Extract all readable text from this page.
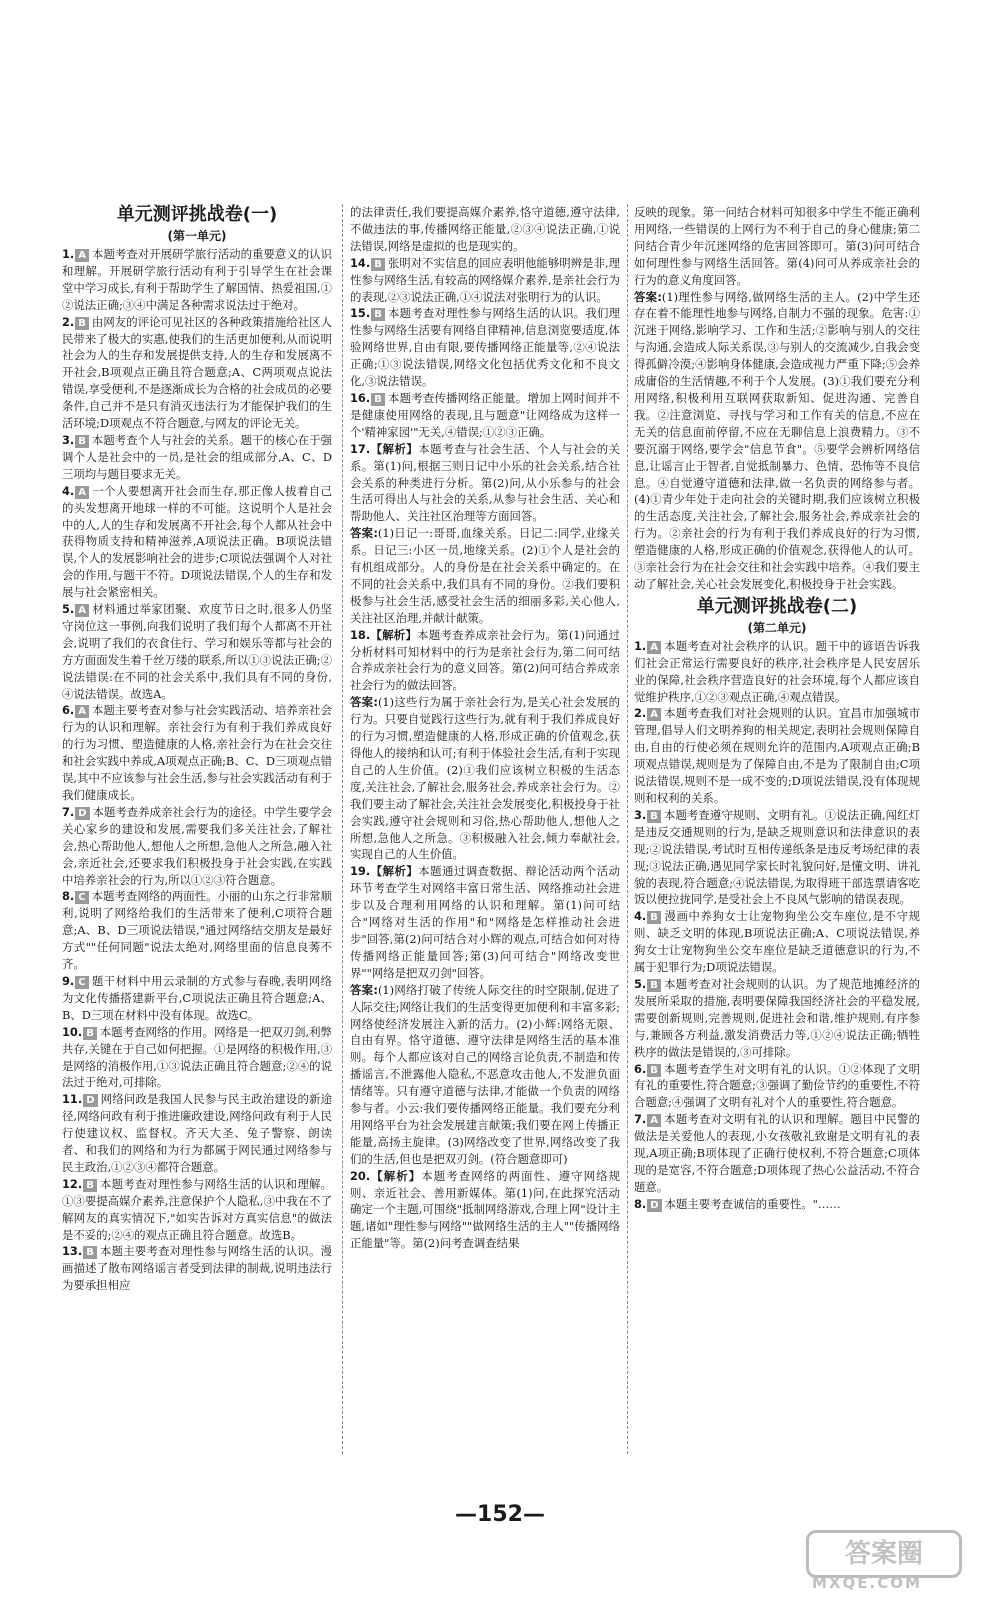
单元测评挑战卷(一)
(第一单元)

1. A 本题考查对开展研学旅行活动的重要意义的认识和理解。开展研学旅行活动有利于引导学生在社会课堂中学习成长,有利于帮助学生了解国情、热爱祖国,①②说法正确;③④中满足各种需求说法过于绝对。

2. B 由网友的评论可见社区的各种政策措施给社区人民带来了极大的实惠,使我们的生活更加便利,从而说明社会为人的生存和发展提供支持,人的生存和发展离不开社会,B项观点正确且符合题意;A、C两项观点说法错误,享受便利,不是逐渐成长为合格的社会成员的必要条件,自己并不是只有消灭违法行为才能保护我们的生活环境;D项观点不符合题意,与网友的评论无关。

3. B 本题考查个人与社会的关系。题干的核心在于强调个人是社会中的一员,是社会的组成部分,A、C、D三项均与题目要求无关。

4. A 一个人要想离开社会而生存,那正像人拔着自己的头发想离开地球一样的不可能。这说明个人是社会中的人,人的生存和发展离不开社会,每个人都从社会中获得物质支持和精神滋养,A项说法正确。B项说法错误,个人的发展影响社会的进步;C项说法强调个人对社会的作用,与题干不符。D项说法错误,个人的生存和发展与社会紧密相关。

5. A 材料通过举家团聚、欢度节日之时,很多人仍坚守岗位这一事例,向我们说明了我们每个人都离不开社会,说明了我们的衣食住行、学习和娱乐等都与社会的方方面面发生着千丝万缕的联系,所以①③说法正确;②说法错误:在不同的社会关系中,我们具有不同的身份,④说法错误。故选A。

6. A 本题主要考查对参与社会实践活动、培养亲社会行为的认识和理解。亲社会行为有利于我们养成良好的行为习惯、塑造健康的人格,亲社会行为在社会交往和社会实践中养成,A项观点正确;B、C、D三项观点错误,其中不应该参与社会生活,参与社会实践活动有利于我们健康成长。

7. D 本题考查养成亲社会行为的途径。中学生要学会关心家乡的建设和发展,需要我们多关注社会,了解社会,热心帮助他人,想他人之所想,急他人之所急,融入社会,亲近社会,还要求我们积极投身于社会实践,在实践中培养亲社会的行为,所以①②③符合题意。

8. C 本题考查网络的两面性。小丽的山东之行非常顺利,说明了网络给我们的生活带来了便利,C项符合题意;A、B、D三项说法错误,"通过网络结交朋友是最好方式""任何同题"说法太绝对,网络里面的信息良莠不齐。

9. C 题干材料中用云录制的方式参与春晚,表明网络为文化传播搭建新平台,C项说法正确且符合题意;A、B、D三项在材料中没有体现。故选C。

10. B 本题考查网络的作用。网络是一把双刃剑,利弊共存,关键在于自己如何把握。①是网络的积极作用,③是网络的消极作用,①③说法正确且符合题意;②④的说法过于绝对,可排除。

11. D 网络问政是我国人民参与民主政治建设的新途径,网络问政有利于推进廉政建设,网络问政有利于人民行使建议权、监督权。齐天大圣、兔子警察、朗读者、和我们的网络和为行为都属于网民通过网络参与民主政治,①②③④都符合题意。

12. B 本题考查对理性参与网络生活的认识和理解。①③要提高媒介素养,注意保护个人隐私,③中我在不了解网友的真实情况下,"如实告诉对方真实信息"的做法是不妥的;②④的观点正确且符合题意。故选B。

13. B 本题主要考查对理性参与网络生活的认识。漫画描述了散布网络谣言者受到法律的制裁,说明违法行为要承担相应

的法律责任,我们要提高媒介素养,恪守道德,遵守法律,不做违法的事,传播网络正能量,②③④说法正确,①说法错误,网络是虚拟的也是现实的。

14. B 张明对不实信息的回应表明他能够明辨是非,理性参与网络生活,有较高的网络媒介素养,是亲社会行为的表现,②③说法正确,①④说法对张明行为的认识。

15. B 本题考查对理性参与网络生活的认识。我们理性参与网络生活要有网络自律精神,信息浏览要适度,体验网络世界,自由有限,要传播网络正能量等,②④说法正确;①③说法错误,网络文化包括优秀文化和不良文化,③说法错误。

16. B 本题考查传播网络正能量。增加上网时间并不是健康使用网络的表现,且与题意"让网络成为这样一个'精神家园'"无关,④错误;①②③正确。

17.【解析】本题考查与社会生活、个人与社会的关系。第(1)问,根据三则日记中小乐的社会关系,结合社会关系的种类进行分析。第(2)问,从小乐参与的社会生活可得出人与社会的关系,从参与社会生活、关心和帮助他人、关注社区治理等方面回答。

答案:(1)日记一:哥哥,血缘关系。日记二:同学,业缘关系。日记三:小区一员,地缘关系。(2)①个人是社会的有机组成部分。人的身份是在社会关系中确定的。在不同的社会关系中,我们具有不同的身份。②我们要积极参与社会生活,感受社会生活的细丽多彩,关心他人,关注社区治理,并献计献策。

18.【解析】本题考查养成亲社会行为。第(1)问通过分析材料可知材料中的行为是亲社会行为,第二问可结合养成亲社会行为的意义回答。第(2)问可结合养成亲社会行为的做法回答。

答案:(1)这些行为属于亲社会行为,是关心社会发展的行为。只要自觉践行这些行为,就有利于我们养成良好的行为习惯,塑造健康的人格,形成正确的价值观念,获得他人的接纳和认可;有利于体验社会生活,有利于实现自己的人生价值。(2)①我们应该树立积极的生活态度,关注社会,了解社会,服务社会,养成亲社会行为。②我们要主动了解社会,关注社会发展变化,积极投身于社会实践,遵守社会规则和习俗,热心帮助他人,想他人之所想,急他人之所急。③积极融入社会,倾力奉献社会,实现自己的人生价值。

19.【解析】本题通过调查数据、辩论活动两个活动环节考查学生对网络丰富日常生活、网络推动社会进步以及合理利用网络的认识和理解。第(1)问可结合"网络对生活的作用"和"网络是怎样推动社会进步"回答,第(2)问可结合对小辉的观点,可结合如何对待传播网络正能量回答;第(3)问可结合"网络改变世界""网络是把双刃剑"回答。

答案:(1)网络打破了传统人际交往的时空限制,促进了人际交往;网络让我们的生活变得更加便利和丰富多彩;网络使经济发展注入新的活力。(2)小辉:网络无限、自由有界。恪守道德、遵守法律是网络生活的基本准则。每个人都应该对自己的网络言论负责,不制造和传播谣言,不泄露他人隐私,不恶意攻击他人,不发泄负面情绪等。只有遵守道德与法律,才能做一个负责的网络参与者。小云:我们要传播网络正能量。我们要充分利用网络平台为社会发展建言献策;我们要在网上传播正能量,高扬主旋律。(3)网络改变了世界,网络改变了我们的生活,但也是把双刃剑。(符合题意即可)

20.【解析】本题考查网络的两面性、遵守网络规则、亲近社会、善用新媒体。第(1)问,在此探究活动确定一个主题,可围绕"抵制网络游戏,合理上网"设计主题,诸如"理性参与网络""做网络生活的主人""传播网络正能量"等。第(2)问考查调查结果

反映的现象。第一问结合材料可知很多中学生不能正确利用网络,一些错误的上网行为不利于自己的身心健康;第二问结合青少年沉迷网络的危害回答即可。第(3)问可结合如何理性参与网络生活回答。第(4)问可从养成亲社会的行为的意义角度回答。

答案:(1)理性参与网络,做网络生活的主人。(2)中学生还存在着不能理性地参与网络,自制力不强的现象。危害:①沉迷于网络,影响学习、工作和生活;②影响与别人的交往与沟通,会造成人际关系误,③与别人的交流减少,自我会变得孤僻冷漠;④影响身体健康,会造成视力严重下降;⑤会养成庸俗的生活情趣,不利于个人发展。(3)①我们要充分利用网络,积极利用互联网获取新知、促进沟通、完善自我。②注意浏览、寻找与学习和工作有关的信息,不应在无关的信息面前停留,不应在无聊信息上浪费精力。③不要沉溺于网络,要学会"信息节食"。⑤要学会辨析网络信息,让谣言止于智者,自觉抵制暴力、色情、恐怖等不良信息。④自觉遵守道德和法律,做一名负责的网络参与者。(4)①青少年处于走向社会的关键时期,我们应该树立积极的生活态度,关注社会,了解社会,服务社会,养成亲社会的行为。②亲社会的行为有利于我们养成良好的行为习惯,塑造健康的人格,形成正确的价值观念,获得他人的认可。③亲社会行为在社会交往和社会实践中培养。④我们要主动了解社会,关心社会发展变化,积极投身于社会实践。

单元测评挑战卷(二)
(第二单元)

1. A 本题考查对社会秩序的认识。题干中的谚语告诉我们社会正常运行需要良好的秩序,社会秩序是人民安居乐业的保障,社会秩序营造良好的社会环境,每个人都应该自觉维护秩序,①②③观点正确,④观点错误。

2. A 本题考查我们对社会规则的认识。宜昌市加强城市管理,倡导人们文明养狗的相关规定,表明社会规则保障自由,自由的行使必须在规则允许的范围内,A项观点正确;B项观点错误,规则是为了保障自由,不是为了限制自由;C项说法错误,规则不是一成不变的;D项说法错误,没有体现规则和权利的关系。

3. B 本题考查遵守规则、文明有礼。①说法正确,闯红灯是违反交通规则的行为,是缺乏规则意识和法律意识的表现;②说法错误,考试时互相传递纸条是违反考场纪律的表现;③说法正确,遇见同学家长时礼貌问好,是懂文明、讲礼貌的表现,符合题意;④说法错误,为取得班干部选票请客吃饭以便拉拢同学,是受社会上不良风气影响的错误表现。

4. B 漫画中养狗女士让宠物狗坐公交车座位,是不守规则、缺乏文明的体现,B项说法正确;A、C项说法错误,养狗女士让宠物狗坐公交车座位是缺乏道德意识的行为,不属于犯罪行为;D项说法错误。

5. B 本题考查对社会规则的认识。为了规范地摊经济的发展所采取的措施,表明要保障我国经济社会的平稳发展,需要创新规则,完善规则,促进社会和谐,维护规则,有序参与,兼顾各方利益,激发消费活力等,①②④说法正确;牺牲秩序的做法是错误的,③可排除。

6. B 本题考查学生对文明有礼的认识。①②体现了文明有礼的重要性,符合题意;③强调了勤俭节约的重要性,不符合题意;④强调了文明有礼对个人的重要性,符合题意。

7. A 本题考查对文明有礼的认识和理解。题目中民警的做法是关爱他人的表现,小女孩敬礼致谢是文明有礼的表现,A项正确;B项体现了正确行使权利,不符合题意;C项体现的是宽容,不符合题意;D项体现了热心公益活动,不符合题意。

8. D 本题主要考查诚信的重要性。"……

—152—
答案圈
MXQE.COM
